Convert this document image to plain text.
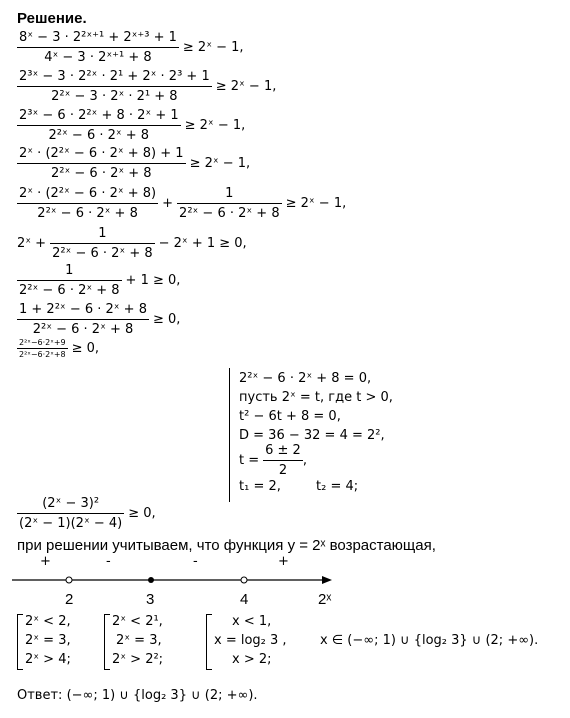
Решение.
$\frac{\text{8ˣ − 3 · 2²ˣ⁺¹ + 2ˣ⁺³ + 1}}{\text{4ˣ − 3 · 2ˣ⁺¹ + 8}}$ ≥ 2ˣ − 1,
$\frac{\text{2³ˣ − 3 · 2²ˣ · 2¹ + 2ˣ · 2³ + 1}}{\text{2²ˣ − 3 · 2ˣ · 2¹ + 8}}$ ≥ 2ˣ − 1,
$\frac{\text{2³ˣ − 6 · 2²ˣ + 8 · 2ˣ + 1}}{\text{2²ˣ − 6 · 2ˣ + 8}}$ ≥ 2ˣ − 1,
$\frac{\text{2ˣ · (2²ˣ − 6 · 2ˣ + 8) + 1}}{\text{2²ˣ − 6 · 2ˣ + 8}}$ ≥ 2ˣ − 1,
$\frac{\text{2ˣ · (2²ˣ − 6 · 2ˣ + 8)}}{\text{2²ˣ − 6 · 2ˣ + 8}} + \frac{1}{\text{2²ˣ − 6 · 2ˣ + 8}}$ ≥ 2ˣ − 1,
2ˣ + $\frac{1}{\text{2²ˣ − 6 · 2ˣ + 8}}$ − 2ˣ + 1 ≥ 0,
$\frac{1}{\text{2²ˣ − 6 · 2ˣ + 8}} + 1 \ge 0$,
$\frac{\text{1 + 2²ˣ − 6 · 2ˣ + 8}}{\text{2²ˣ − 6 · 2ˣ + 8}} \ge 0$,
$\frac{\text{2²ˣ−6·2ˣ+9}}{\text{2²ˣ−6·2ˣ+8}} \ge 0$,
2²ˣ − 6 · 2ˣ + 8 = 0,
пусть 2ˣ = t, где t > 0,
t² − 6t + 8 = 0,
D = 36 − 32 = 4 = 2²,
$t = \frac{6 \pm 2}{2}$ ,
t₁ = 2,	t₂ = 4;
$\frac{\text{(2ˣ − 3)²}}{\text{(2ˣ − 1)(2ˣ − 4)}} \ge 0$,
при решении учитываем, что функция y = 2ˣ возрастающая,
+	-	-	+
2	3	4	2ˣ
2ˣ < 2,
2ˣ = 3,
2ˣ > 4;
2ˣ < 2¹,
2ˣ = 3,
2ˣ > 2²;
x < 1,
x = log₂ 3 ,
x > 2;
x ∈ (−∞; 1) ∪ {log₂ 3} ∪ (2; +∞).
Ответ: (−∞; 1) ∪ {log₂ 3} ∪ (2; +∞).
